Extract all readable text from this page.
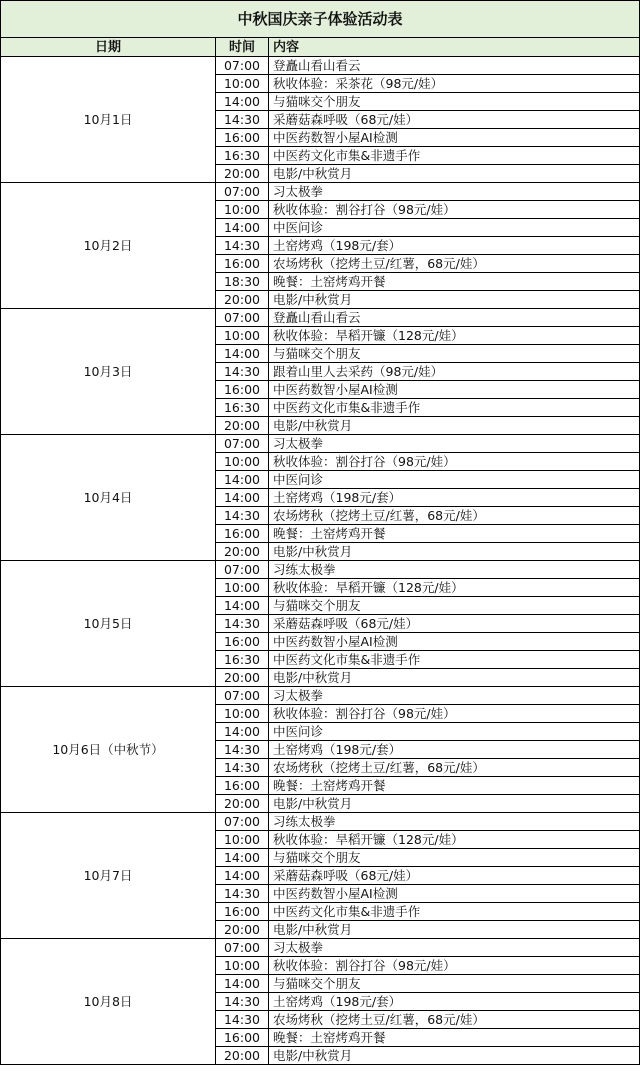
中秋国庆亲子体验活动表		
日期	时间	内容
10月1日	07:00	登矗山看山看云
	10:00	秋收体验：采茶花（98元/娃）
	14:00	与猫咪交个朋友
	14:30	采蘑菇森呼吸（68元/娃）
	16:00	中医药数智小屋AI检测
	16:30	中医药文化市集&非遗手作
	20:00	电影/中秋赏月
10月2日	07:00	习太极拳
	10:00	秋收体验：割谷打谷（98元/娃）
	14:00	中医问诊
	14:30	土窑烤鸡（198元/套）
	16:00	农场烤秋（挖烤土豆/红薯，68元/娃）
	18:30	晚餐：土窑烤鸡开餐
	20:00	电影/中秋赏月
10月3日	07:00	登矗山看山看云
	10:00	秋收体验：旱稻开镰（128元/娃）
	14:00	与猫咪交个朋友
	14:30	跟着山里人去采药（98元/娃）
	16:00	中医药数智小屋AI检测
	16:30	中医药文化市集&非遗手作
	20:00	电影/中秋赏月
10月4日	07:00	习太极拳
	10:00	秋收体验：割谷打谷（98元/娃）
	14:00	中医问诊
	14:00	土窑烤鸡（198元/套）
	14:30	农场烤秋（挖烤土豆/红薯，68元/娃）
	16:00	晚餐：土窑烤鸡开餐
	20:00	电影/中秋赏月
10月5日	07:00	习练太极拳
	10:00	秋收体验：旱稻开镰（128元/娃）
	14:00	与猫咪交个朋友
	14:30	采蘑菇森呼吸（68元/娃）
	16:00	中医药数智小屋AI检测
	16:30	中医药文化市集&非遗手作
	20:00	电影/中秋赏月
10月6日（中秋节）	07:00	习太极拳
	10:00	秋收体验：割谷打谷（98元/娃）
	14:00	中医问诊
	14:30	土窑烤鸡（198元/套）
	14:30	农场烤秋（挖烤土豆/红薯，68元/娃）
	16:00	晚餐：土窑烤鸡开餐
	20:00	电影/中秋赏月
10月7日	07:00	习练太极拳
	10:00	秋收体验：旱稻开镰（128元/娃）
	14:00	与猫咪交个朋友
	14:00	采蘑菇森呼吸（68元/娃）
	14:30	中医药数智小屋AI检测
	16:00	中医药文化市集&非遗手作
	20:00	电影/中秋赏月
10月8日	07:00	习太极拳
	10:00	秋收体验：割谷打谷（98元/娃）
	14:00	与猫咪交个朋友
	14:30	土窑烤鸡（198元/套）
	14:30	农场烤秋（挖烤土豆/红薯，68元/娃）
	16:00	晚餐：土窑烤鸡开餐
	20:00	电影/中秋赏月
